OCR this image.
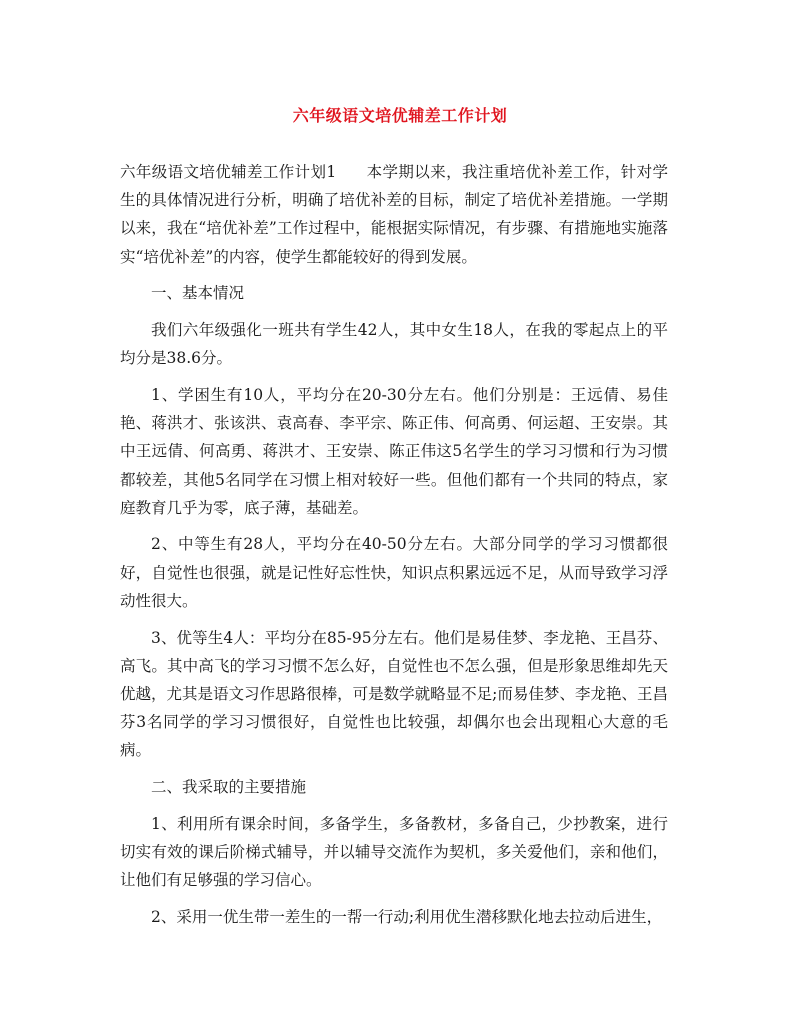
六年级语文培优辅差工作计划

六年级语文培优辅差工作计划1 本学期以来，我注重培优补差工作，针对学生的具体情况进行分析，明确了培优补差的目标，制定了培优补差措施。一学期以来，我在“培优补差”工作过程中，能根据实际情况，有步骤、有措施地实施落实“培优补差”的内容，使学生都能较好的得到发展。

一、基本情况

我们六年级强化一班共有学生42人，其中女生18人，在我的零起点上的平均分是38.6分。

1、学困生有10人，平均分在20-30分左右。他们分别是：王远倩、易佳艳、蒋洪才、张该洪、袁高春、李平宗、陈正伟、何高勇、何运超、王安崇。其中王远倩、何高勇、蒋洪才、王安崇、陈正伟这5名学生的学习习惯和行为习惯都较差，其他5名同学在习惯上相对较好一些。但他们都有一个共同的特点，家庭教育几乎为零，底子薄，基础差。

2、中等生有28人，平均分在40-50分左右。大部分同学的学习习惯都很好，自觉性也很强，就是记性好忘性快，知识点积累远远不足，从而导致学习浮动性很大。

3、优等生4人：平均分在85-95分左右。他们是易佳梦、李龙艳、王昌芬、高飞。其中高飞的学习习惯不怎么好，自觉性也不怎么强，但是形象思维却先天优越，尤其是语文习作思路很棒，可是数学就略显不足;而易佳梦、李龙艳、王昌芬3名同学的学习习惯很好，自觉性也比较强，却偶尔也会出现粗心大意的毛病。

二、我采取的主要措施

1、利用所有课余时间，多备学生，多备教材，多备自己，少抄教案，进行切实有效的课后阶梯式辅导，并以辅导交流作为契机，多关爱他们，亲和他们，让他们有足够强的学习信心。

2、采用一优生带一差生的一帮一行动;利用优生潜移默化地去拉动后进生，
